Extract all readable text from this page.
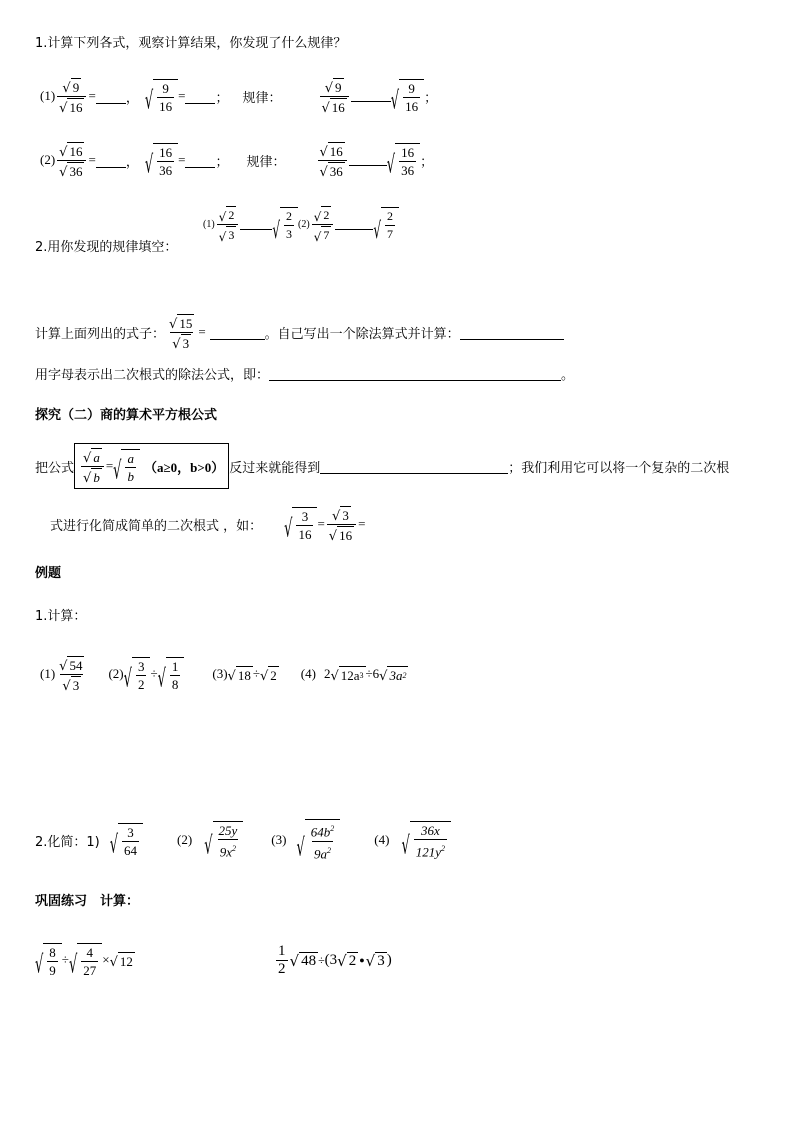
1.计算下列各式，观察计算结果，你发现了什么规律？
$(1) \frac{√ 9}{√ 16}$ = ， √ $\frac{9}{16}$ = ； 规律：	$\frac{√ 9}{√ 16}$	√ $\frac{9}{16}$ ；
$(2) \frac{√ 16}{√ 36}$ = ， √ $\frac{16}{36}$ = ； 规律： $\frac{√ 16}{√ 36}$	√ $\frac{16}{36}$ ；
$(1) \frac{√ 2}{√ 3}$	√ $\frac{2}{3} (2) \frac{√ 2}{√ 7}$	√ $\frac{2}{7}$
2.用你发现的规律填空：
计算上面列出的式子： $\frac{√ 15}{√ 3}$ =	。自己写出一个除法算式并计算：
用字母表示出二次根式的除法公式，即：	。
探究（二）商的算术平方根公式
把公式 $\frac{√ a}{√ b}$ = √ $\frac{a}{b} (a\ge 0$，b>0） 反过来就能得到	；我们利用它可以将一个复杂的二次根
式进行化简成简单的二次根式 ，如： √ $\frac{3}{16} = \frac{√ 3}{√ 16}$ =
例题
1.计算：
$(1) \frac{√ 54}{√ 3} (2)$ √ $\frac{3}{2}$ ÷ √ $\frac{1}{8} (3)$ √ 18 ÷ √ 2 (4) 2 √ 12a 3 ÷ 6 √ 3a 2
2.化简：1) √ $\frac{3}{64}$	(2) √ $\frac{25y}{9x^2} (3)$ √ $\frac{64b^2}{9a^2}$	(4) √ $\frac{36x}{121y^2}$
巩固练习　计算：
√ $\frac{8}{9}$ ÷ √ $\frac{4}{27}$ × √ 12	$\frac{1}{2}$ √ 48 ÷ ( 3 √ 2 ● √ 3 )
